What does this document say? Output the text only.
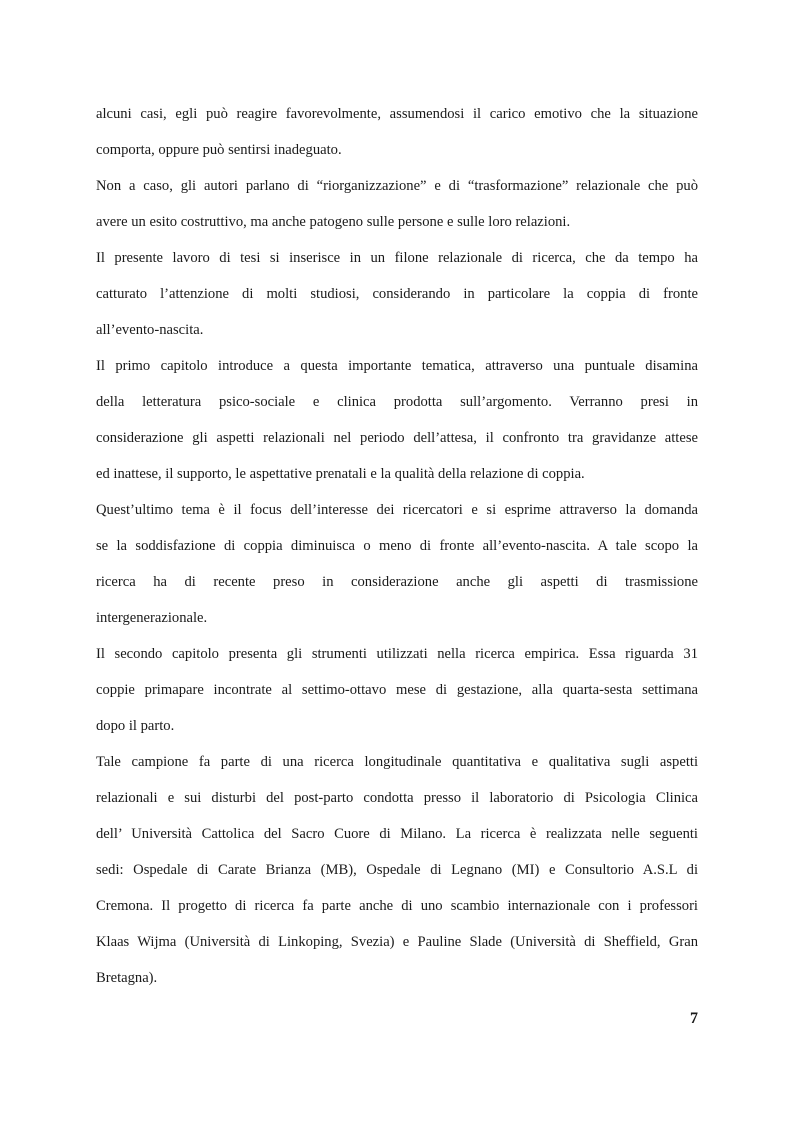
alcuni casi, egli può reagire favorevolmente, assumendosi il carico emotivo che la situazione
comporta, oppure può sentirsi inadeguato.
Non a caso, gli autori parlano di “riorganizzazione” e di “trasformazione” relazionale che può
avere un esito costruttivo, ma anche patogeno sulle persone e sulle loro relazioni.
Il presente lavoro di tesi si inserisce in un filone relazionale di ricerca, che da tempo ha
catturato l’attenzione di molti studiosi, considerando in particolare la coppia di fronte
all’evento-nascita.
Il primo capitolo introduce a questa importante tematica, attraverso una puntuale disamina
della letteratura psico-sociale e clinica prodotta sull’argomento. Verranno presi in
considerazione gli aspetti relazionali nel periodo dell’attesa, il confronto tra gravidanze attese
ed inattese, il supporto, le aspettative prenatali e la qualità della relazione di coppia.
Quest’ultimo tema è il focus dell’interesse dei ricercatori e si esprime attraverso la domanda
se la soddisfazione di coppia diminuisca o meno di fronte all’evento-nascita. A tale scopo la
ricerca ha di recente preso in considerazione anche gli aspetti di trasmissione
intergenerazionale.
Il secondo capitolo presenta gli strumenti utilizzati nella ricerca empirica. Essa riguarda 31
coppie primapare incontrate al settimo-ottavo mese di gestazione, alla quarta-sesta settimana
dopo il parto.
Tale campione fa parte di una ricerca longitudinale quantitativa e qualitativa sugli aspetti
relazionali e sui disturbi del post-parto condotta presso il laboratorio di Psicologia Clinica
dell’ Università Cattolica del Sacro Cuore di Milano. La ricerca è realizzata nelle seguenti
sedi: Ospedale di Carate Brianza (MB), Ospedale di Legnano (MI) e Consultorio A.S.L di
Cremona. Il progetto di ricerca fa parte anche di uno scambio internazionale con i professori
Klaas Wijma (Università di Linkoping, Svezia) e Pauline Slade (Università di Sheffield, Gran
Bretagna).
7
